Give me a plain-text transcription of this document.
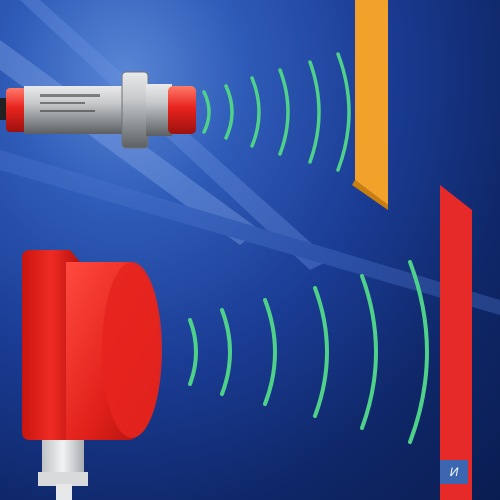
И
